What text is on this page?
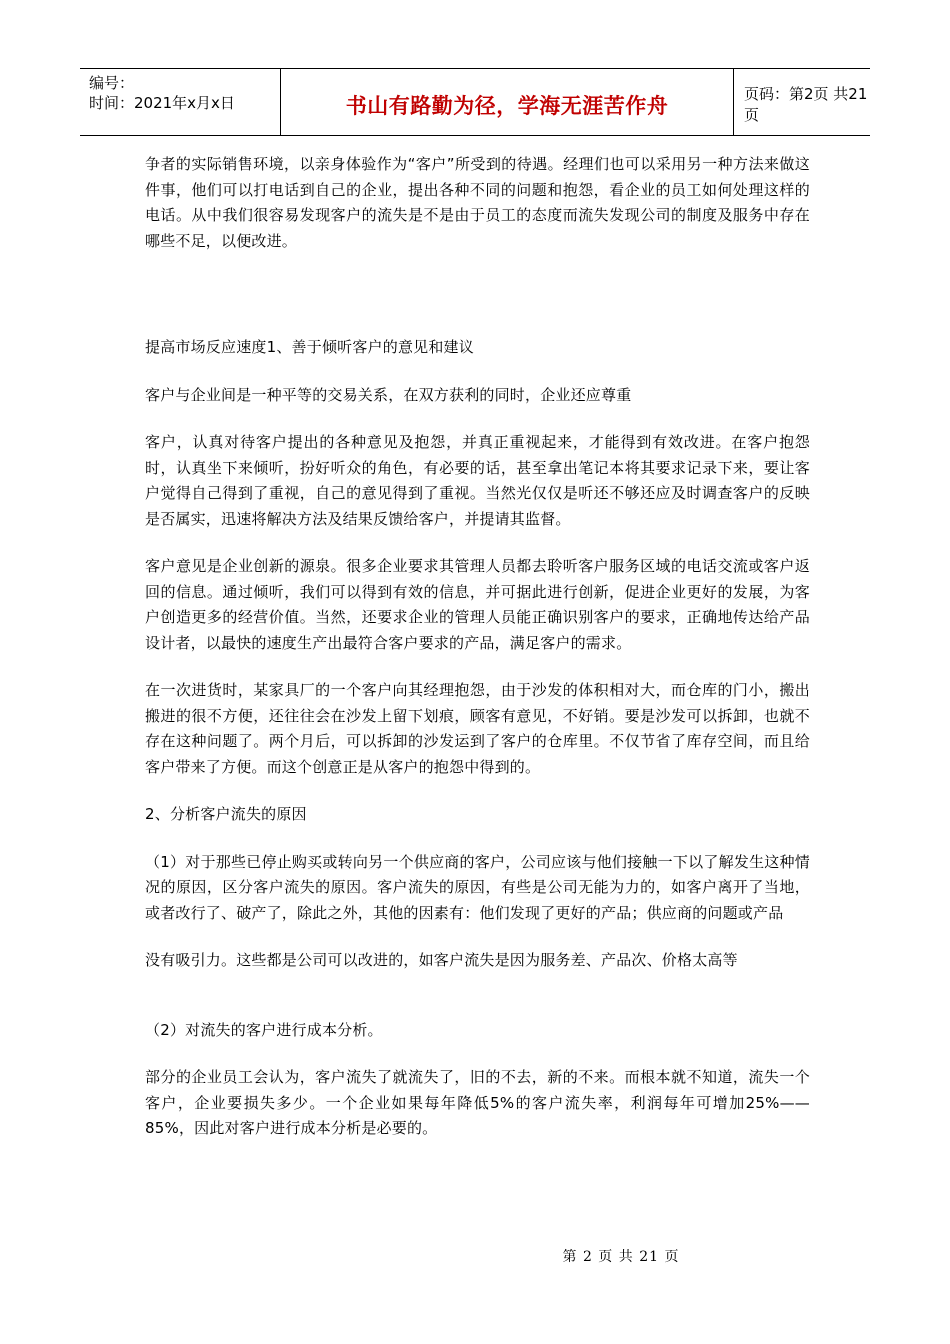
编号：
时间：2021年x月x日	书山有路勤为径，学海无涯苦作舟	页码：第2页 共21页

争者的实际销售环境，以亲身体验作为“客户”所受到的待遇。经理们也可以采用另一种方法来做这件事，他们可以打电话到自己的企业，提出各种不同的问题和抱怨，看企业的员工如何处理这样的电话。从中我们很容易发现客户的流失是不是由于员工的态度而流失发现公司的制度及服务中存在哪些不足，以便改进。

提高市场反应速度1、善于倾听客户的意见和建议

客户与企业间是一种平等的交易关系，在双方获利的同时，企业还应尊重

客户，认真对待客户提出的各种意见及抱怨，并真正重视起来，才能得到有效改进。在客户抱怨时，认真坐下来倾听，扮好听众的角色，有必要的话，甚至拿出笔记本将其要求记录下来，要让客户觉得自己得到了重视，自己的意见得到了重视。当然光仅仅是听还不够还应及时调查客户的反映是否属实，迅速将解决方法及结果反馈给客户，并提请其监督。

客户意见是企业创新的源泉。很多企业要求其管理人员都去聆听客户服务区域的电话交流或客户返回的信息。通过倾听，我们可以得到有效的信息，并可据此进行创新，促进企业更好的发展，为客户创造更多的经营价值。当然，还要求企业的管理人员能正确识别客户的要求，正确地传达给产品设计者，以最快的速度生产出最符合客户要求的产品，满足客户的需求。

在一次进货时，某家具厂的一个客户向其经理抱怨，由于沙发的体积相对大，而仓库的门小，搬出搬进的很不方便，还往往会在沙发上留下划痕，顾客有意见，不好销。要是沙发可以拆卸，也就不存在这种问题了。两个月后，可以拆卸的沙发运到了客户的仓库里。不仅节省了库存空间，而且给客户带来了方便。而这个创意正是从客户的抱怨中得到的。

2、分析客户流失的原因

（1）对于那些已停止购买或转向另一个供应商的客户，公司应该与他们接触一下以了解发生这种情况的原因，区分客户流失的原因。客户流失的原因，有些是公司无能为力的，如客户离开了当地，或者改行了、破产了，除此之外，其他的因素有：他们发现了更好的产品；供应商的问题或产品

没有吸引力。这些都是公司可以改进的，如客户流失是因为服务差、产品次、价格太高等

（2）对流失的客户进行成本分析。

部分的企业员工会认为，客户流失了就流失了，旧的不去，新的不来。而根本就不知道，流失一个客户，企业要损失多少。一个企业如果每年降低5%的客户流失率，利润每年可增加25%——85%，因此对客户进行成本分析是必要的。

第 2 页 共 21 页
